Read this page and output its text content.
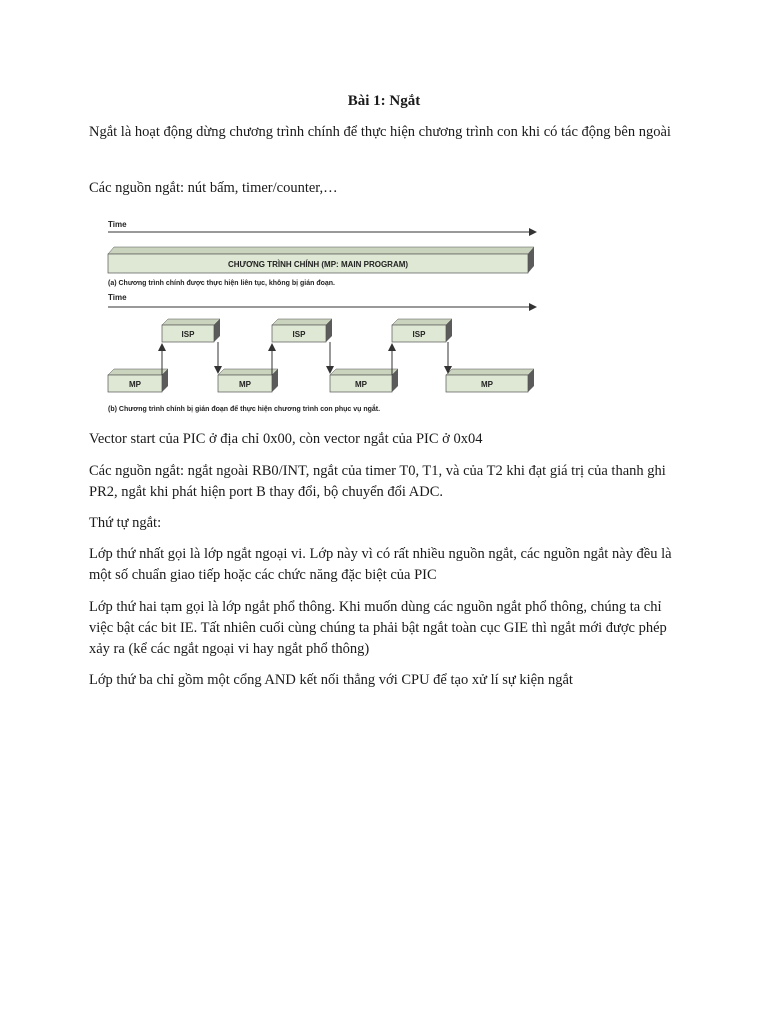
Bài 1: Ngắt

Ngắt là hoạt động dừng chương trình chính để thực hiện chương trình con khi có tác động bên ngoài

Các nguồn ngắt: nút bấm, timer/counter,…

Time
CHƯƠNG TRÌNH CHÍNH (MP: MAIN PROGRAM)
(a) Chương trình chính được thực hiện liên tục, không bị gián đoạn.
Time
ISP	ISP	ISP
MP	MP	MP	MP
(b) Chương trình chính bị gián đoạn để thực hiện chương trình con phục vụ ngắt.

Vector start của PIC ở địa chỉ 0x00, còn vector ngắt của PIC ở 0x04

Các nguồn ngắt: ngắt ngoài RB0/INT, ngắt của timer T0, T1, và của T2 khi đạt giá trị của thanh ghi PR2, ngắt khi phát hiện port B thay đổi, bộ chuyển đổi ADC.

Thứ tự ngắt:

Lớp thứ nhất gọi là lớp ngắt ngoại vi. Lớp này vì có rất nhiều nguồn ngắt, các nguồn ngắt này đều là một số chuẩn giao tiếp hoặc các chức năng đặc biệt của PIC

Lớp thứ hai tạm gọi là lớp ngắt phổ thông. Khi muốn dùng các nguồn ngắt phổ thông, chúng ta chỉ việc bật các bit IE. Tất nhiên cuối cùng chúng ta phải bật ngắt toàn cục GIE thì ngắt mới được phép xảy ra (kể các ngắt ngoại vi hay ngắt phổ thông)

Lớp thứ ba chỉ gồm một cổng AND kết nối thẳng với CPU để tạo xử lí sự kiện ngắt
